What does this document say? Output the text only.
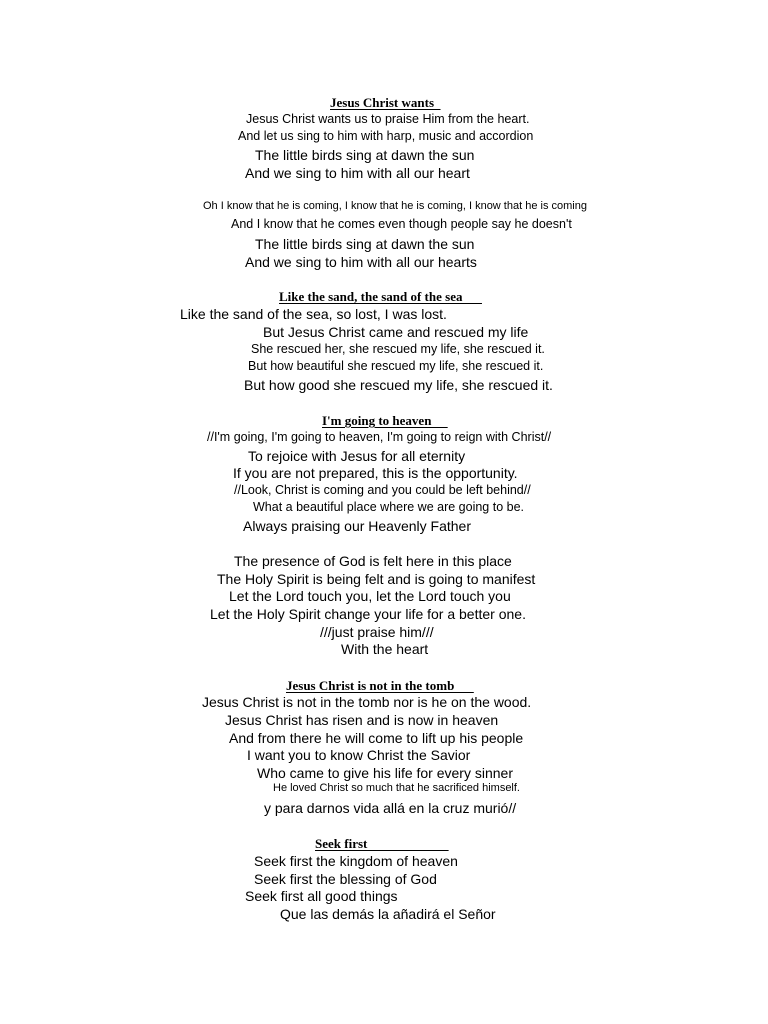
Jesus Christ wants
Jesus Christ wants us to praise Him from the heart.
And let us sing to him with harp, music and accordion
The little birds sing at dawn the sun
And we sing to him with all our heart
Oh I know that he is coming, I know that he is coming, I know that he is coming
And I know that he comes even though people say he doesn't
The little birds sing at dawn the sun
And we sing to him with all our hearts
Like the sand, the sand of the sea
Like the sand of the sea, so lost, I was lost.
But Jesus Christ came and rescued my life
She rescued her, she rescued my life, she rescued it.
But how beautiful she rescued my life, she rescued it.
But how good she rescued my life, she rescued it.
I'm going to heaven
//I'm going, I'm going to heaven, I'm going to reign with Christ//
To rejoice with Jesus for all eternity
If you are not prepared, this is the opportunity.
//Look, Christ is coming and you could be left behind//
What a beautiful place where we are going to be.
Always praising our Heavenly Father
The presence of God is felt here in this place
The Holy Spirit is being felt and is going to manifest
Let the Lord touch you, let the Lord touch you
Let the Holy Spirit change your life for a better one.
///just praise him///
With the heart
Jesus Christ is not in the tomb
Jesus Christ is not in the tomb nor is he on the wood.
Jesus Christ has risen and is now in heaven
And from there he will come to lift up his people
I want you to know Christ the Savior
Who came to give his life for every sinner
He loved Christ so much that he sacrificed himself.
y para darnos vida allá en la cruz murió//
Seek first
Seek first the kingdom of heaven
Seek first the blessing of God
Seek first all good things
Que las demás la añadirá el Señor
